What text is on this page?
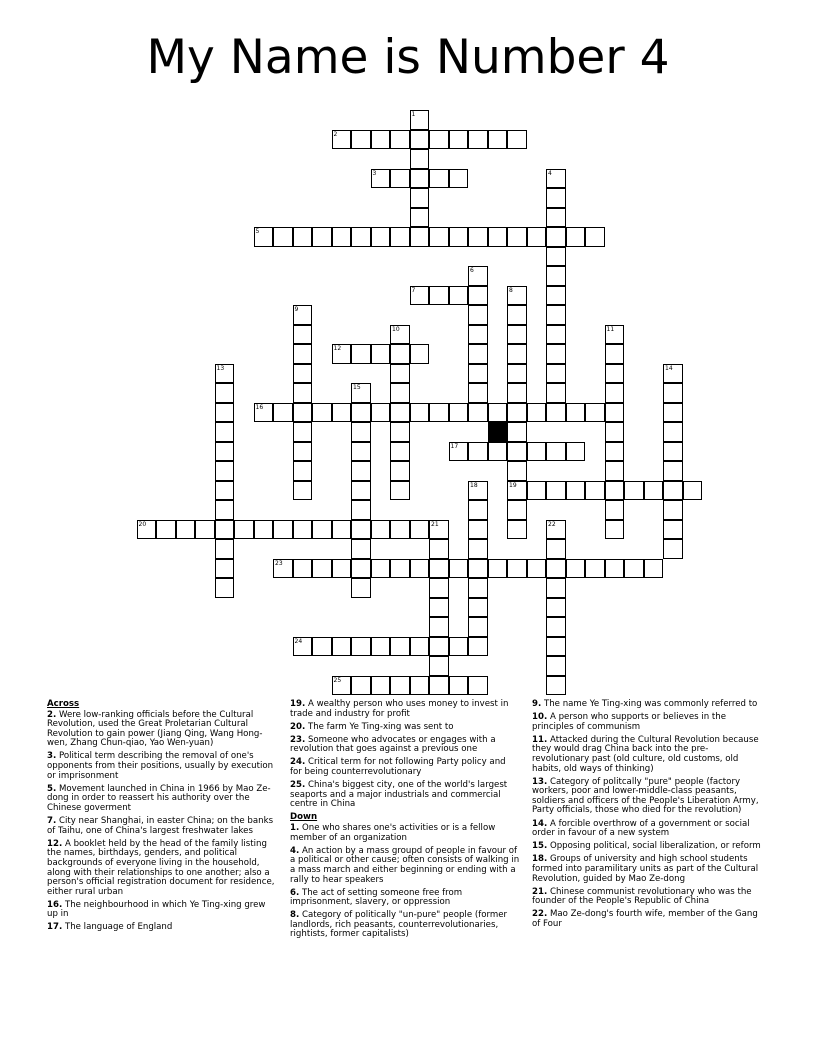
My Name is Number 4
1
2
3	4
5
6
7	8
19
9
10	11
12
13	14
15
16
17
18
20	21	22
23
24
25
Across
2. Were low-ranking officials before the Cultural Revolution, used the Great Proletarian Cultural Revolution to gain power (Jiang Qing, Wang Hong-wen, Zhang Chun-qiao, Yao Wen-yuan)
3. Political term describing the removal of one's opponents from their positions, usually by execution or imprisonment
5. Movement launched in China in 1966 by Mao Ze-dong in order to reassert his authority over the Chinese goverment
7. City near Shanghai, in easter China; on the banks of Taihu, one of China's largest freshwater lakes
12. A booklet held by the head of the family listing the names, birthdays, genders, and political backgrounds of everyone living in the household, along with their relationships to one another; also a person's official registration document for residence, either rural urban
16. The neighbourhood in which Ye Ting-xing grew up in
17. The language of England
19. A wealthy person who uses money to invest in trade and industry for profit
20. The farm Ye Ting-xing was sent to
23. Someone who advocates or engages with a revolution that goes against a previous one
24. Critical term for not following Party policy and for being counterrevolutionary
25. China's biggest city, one of the world's largest seaports and a major industrials and commercial centre in China
Down
1. One who shares one's activities or is a fellow member of an organization
4. An action by a mass groupd of people in favour of a political or other cause; often consists of walking in a mass march and either beginning or ending with a rally to hear speakers
6. The act of setting someone free from imprisonment, slavery, or oppression
8. Category of politically "un-pure" people (former landlords, rich peasants, counterrevolutionaries, rightists, former capitalists)
9. The name Ye Ting-xing was commonly referred to
10. A person who supports or believes in the principles of communism
11. Attacked during the Cultural Revolution because they would drag China back into the pre-revolutionary past (old culture, old customs, old habits, old ways of thinking)
13. Category of politcally "pure" people (factory workers, poor and lower-middle-class peasants, soldiers and officers of the People's Liberation Army, Party officials, those who died for the revolution)
14. A forcible overthrow of a government or social order in favour of a new system
15. Opposing political, social liberalization, or reform
18. Groups of university and high school students formed into paramilitary units as part of the Cultural Revolution, guided by Mao Ze-dong
21. Chinese communist revolutionary who was the founder of the People's Republic of China
22. Mao Ze-dong's fourth wife, member of the Gang of Four
